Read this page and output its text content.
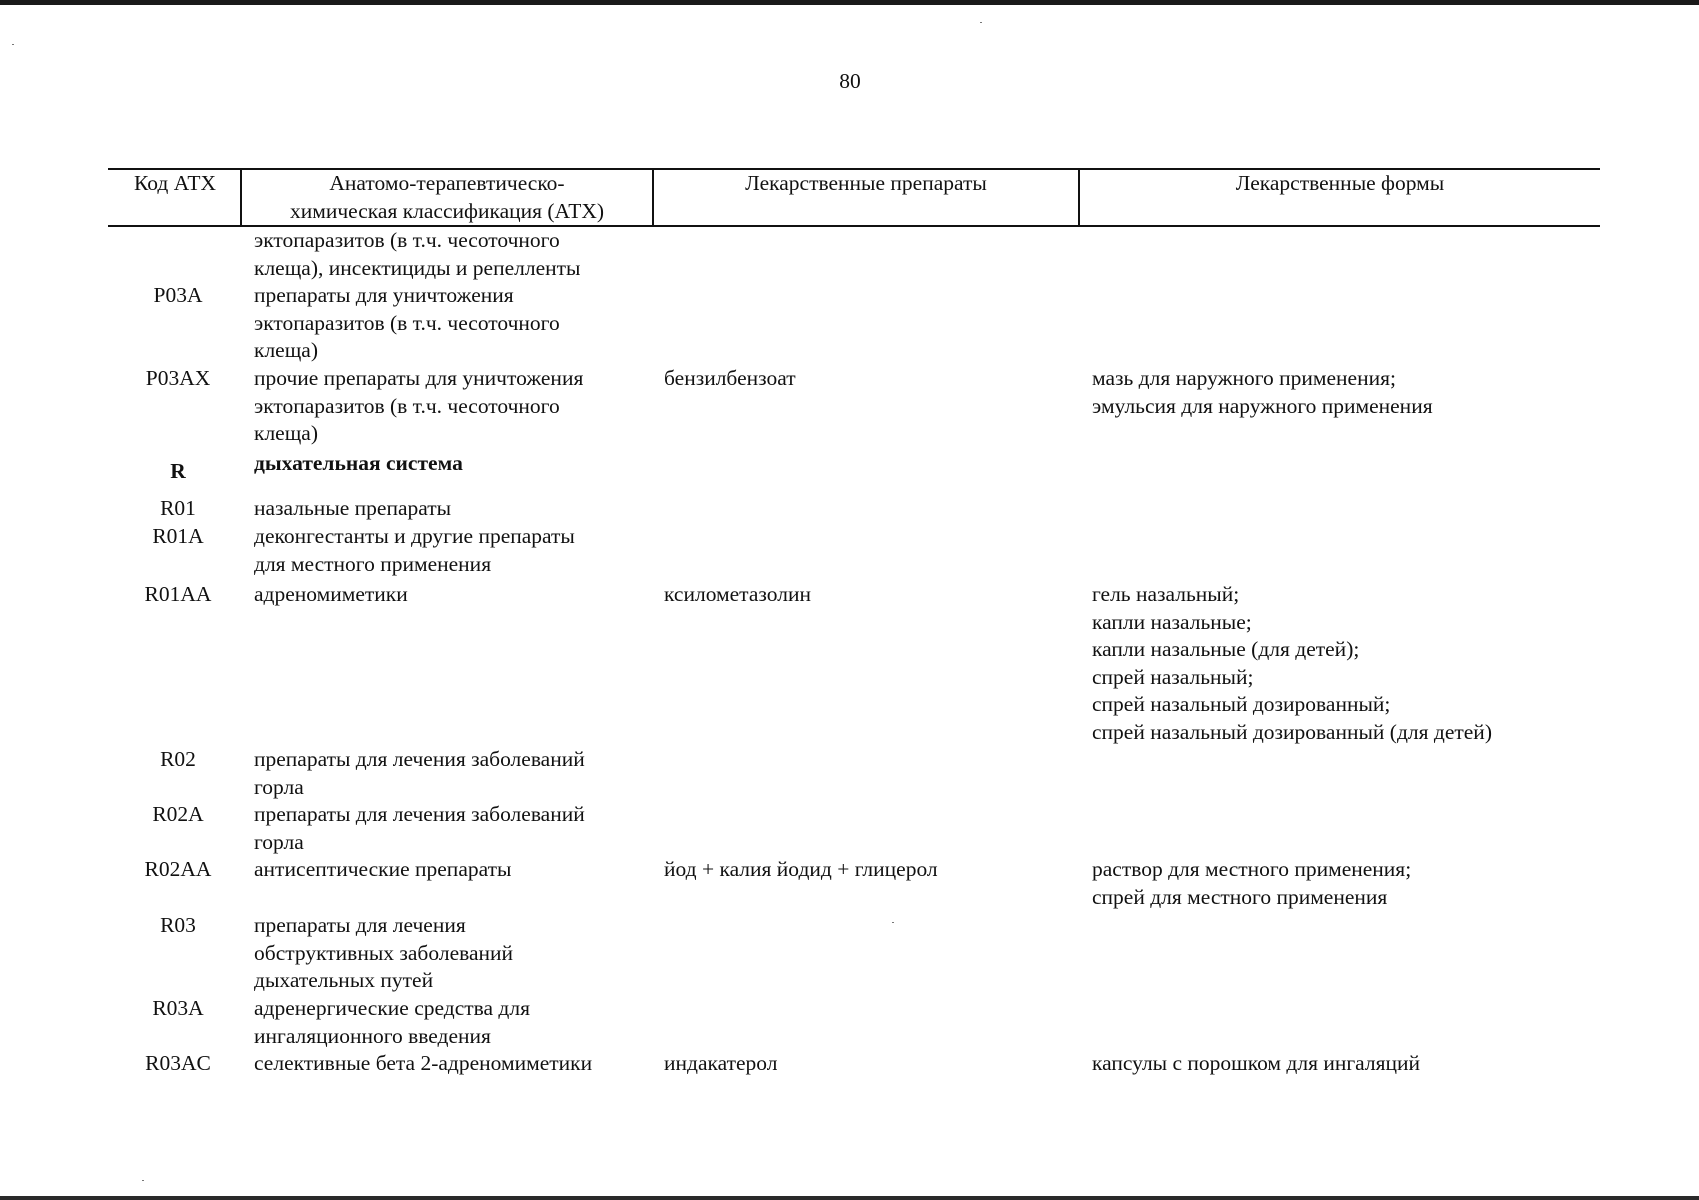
80
Код АТХ	Анатомо-терапевтическо-
химическая классификация (АТХ)
Лекарственные препараты	Лекарственные формы
эктопаразитов (в т.ч. чесоточного
клеща), инсектициды и репелленты
P03A	препараты для уничтожения
эктопаразитов (в т.ч. чесоточного
клеща)
P03AX	прочие препараты для уничтожения
эктопаразитов (в т.ч. чесоточного
клеща)
бензилбензоат	мазь для наружного применения;
эмульсия для наружного применения
R	дыхательная система
R01	назальные препараты
R01A	деконгестанты и другие препараты
для местного применения
R01AA	адреномиметики	ксилометазолин	гель назальный;
капли назальные;
капли назальные (для детей);
спрей назальный;
спрей назальный дозированный;
спрей назальный дозированный (для детей)
R02	препараты для лечения заболеваний
горла
R02A	препараты для лечения заболеваний
горла
R02AA	антисептические препараты	йод + калия йодид + глицерол	раствор для местного применения;
спрей для местного применения
R03	препараты для лечения
обструктивных заболеваний
дыхательных путей
R03A	адренергические средства для
ингаляционного введения
R03AC	селективные бета 2-адреномиметики	индакатерол	капсулы с порошком для ингаляций
